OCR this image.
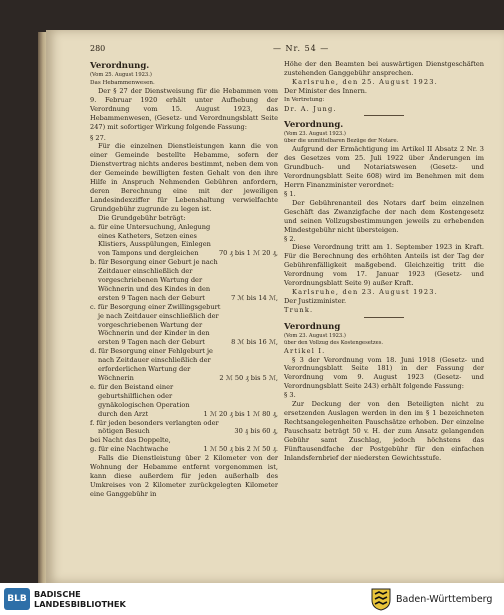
280	— Nr. 54 —

Verordnung.

(Vom 25. August 1923.)

Das Hebammenwesen.

Der § 27 der Dienstweisung für die Hebammen vom 9. Februar 1920 erhält unter Aufhebung der Verordnung vom 15. August 1923, das Hebammenwesen, (Gesetz- und Verordnungsblatt Seite 247) mit sofortiger Wirkung folgende Fassung:

§ 27.

Für die einzelnen Dienstleistungen kann die von einer Gemeinde bestellte Hebamme, sofern der Dienstvertrag nichts anderes bestimmt, neben dem von der Gemeinde bewilligten festen Gehalt von den ihre Hilfe in Anspruch Nehmenden Gebühren anfordern, deren Berechnung eine mit der jeweiligen Landesindexziffer für Lebenshaltung verwielfachte Grundgebühr zugrunde zu legen ist.

Die Grundgebühr beträgt:

a. für eine Untersuchung, Anlegung eines Katheters, Setzen eines Klistiers, Ausspülungen, Einlegen von Tampons und dergleichen	70 ₰ bis 1 ℳ 20 ₰,
b. für Besorgung einer Geburt je nach Zeitdauer einschließlich der vorgeschriebenen Wartung der Wöchnerin und des Kindes in den ersten 9 Tagen nach der Geburt	7 ℳ bis 14 ℳ,
c. für Besorgung einer Zwillingsgeburt je nach Zeitdauer einschließlich der vorgeschriebenen Wartung der Wöchnerin und der Kinder in den ersten 9 Tagen nach der Geburt	8 ℳ bis 16 ℳ,
d. für Besorgung einer Fehlgeburt je nach Zeitdauer einschließlich der erforderlichen Wartung der Wöchnerin	2 ℳ 50 ₰ bis 5 ℳ,
e. für den Beistand einer geburtshilflichen oder gynäkologischen Operation durch den Arzt	1 ℳ 20 ₰ bis 1 ℳ 80 ₰,
f. für jeden besonders verlangten oder nötigen Besuch	30 ₰ bis 60 ₰,
bei Nacht das Doppelte,
g. für eine Nachtwache	1 ℳ 50 ₰ bis 2 ℳ 50 ₰.

Falls die Dienstleistung über 2 Kilometer von der Wohnung der Hebamme entfernt vorgenommen ist, kann diese außerdem für jeden außerhalb des Umkreises von 2 Kilometer zurückgelegten Kilometer eine Ganggebühr in

Höhe der den Beamten bei auswärtigen Dienstgeschäften zustehenden Ganggebühr ansprechen.

Karlsruhe, den 25. August 1923.

Der Minister des Innern.

In Vertretung:

Dr. A. Jung.

Verordnung.

(Vom 23. August 1923.)

über die unmittelbaren Bezüge der Notare.

Aufgrund der Ermächtigung im Artikel II Absatz 2 Nr. 3 des Gesetzes vom 25. Juli 1922 über Änderungen im Grundbuch- und Notariatswesen (Gesetz- und Verordnungsblatt Seite 608) wird im Benehmen mit dem Herrn Finanzminister verordnet:

§ 1.

Der Gebührenanteil des Notars darf beim einzelnen Geschäft das Zwanzigfache der nach dem Kostengesetz und seinen Vollzugsbestimmungen jeweils zu erhebenden Mindestgebühr nicht übersteigen.

§ 2.

Diese Verordnung tritt am 1. September 1923 in Kraft. Für die Berechnung des erhöhten Anteils ist der Tag der Gebührenfälligkeit maßgebend. Gleichzeitig tritt die Verordnung vom 17. Januar 1923 (Gesetz- und Verordnungsblatt Seite 9) außer Kraft.

Karlsruhe, den 23. August 1923.

Der Justizminister.

Trunk.

Verordnung

(Vom 23. August 1923.)

über den Vollzug des Kostengesetzes.

Artikel I.

§ 3 der Verordnung vom 18. Juni 1918 (Gesetz- und Verordnungsblatt Seite 181) in der Fassung der Verordnung vom 9. August 1923 (Gesetz- und Verordnungsblatt Seite 243) erhält folgende Fassung:

§ 3.

Zur Deckung der von den Beteiligten nicht zu ersetzenden Auslagen werden in den im § 1 bezeichneten Rechtsangelegenheiten Pauschsätze erhoben. Der einzelne Pauschsatz beträgt 50 v. H. der zum Ansatz gelangenden Gebühr samt Zuschlag, jedoch höchstens das Fünftausendfache der Postgebühr für den einfachen Inlandsfernbrief der niedersten Gewichtsstufe.

BLB BADISCHE
LANDESBIBLIOTHEK	Baden-Württemberg
